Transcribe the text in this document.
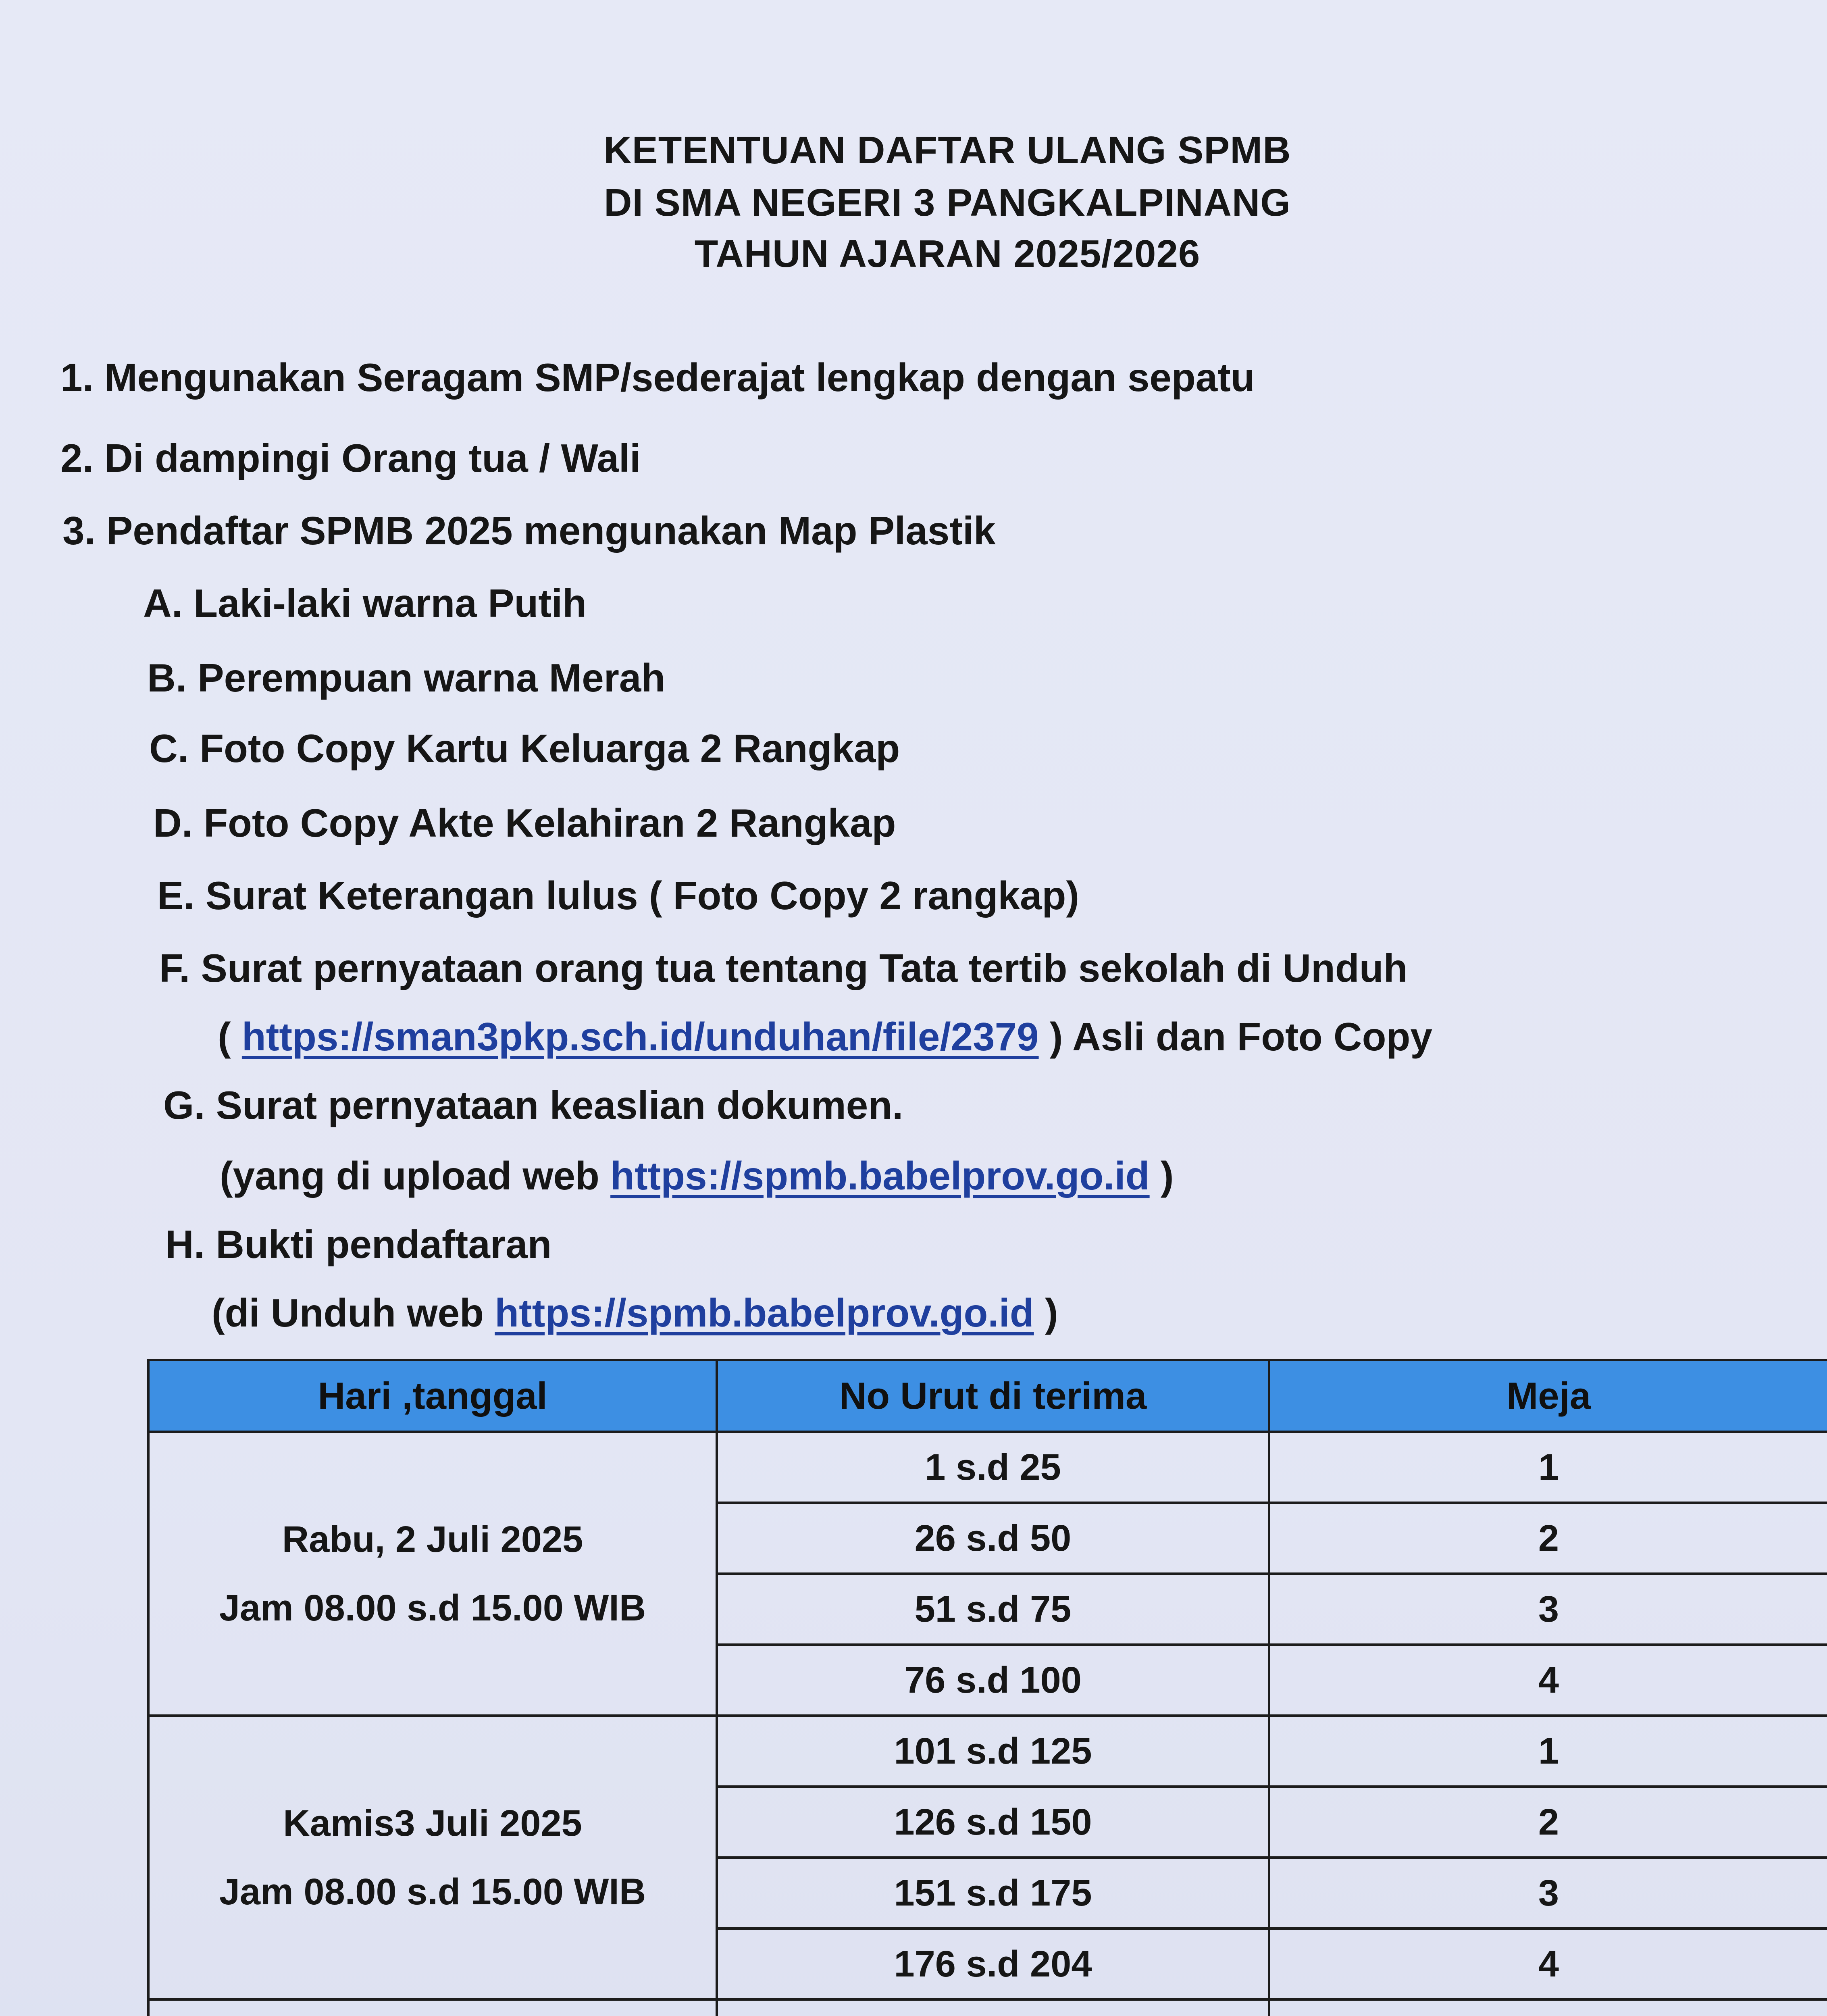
KETENTUAN DAFTAR ULANG SPMB
DI SMA NEGERI 3 PANGKALPINANG
TAHUN AJARAN 2025/2026
1. Mengunakan Seragam SMP/sederajat lengkap dengan sepatu
2. Di dampingi Orang tua / Wali
3. Pendaftar SPMB 2025 mengunakan Map Plastik
A. Laki-laki warna Putih
B. Perempuan warna Merah
C. Foto Copy Kartu Keluarga 2 Rangkap
D. Foto Copy Akte Kelahiran 2 Rangkap
E. Surat Keterangan lulus ( Foto Copy 2 rangkap)
F. Surat pernyataan orang tua tentang Tata tertib sekolah di Unduh
( https://sman3pkp.sch.id/unduhan/file/2379 ) Asli dan Foto Copy
G. Surat pernyataan keaslian dokumen.
(yang di upload web https://spmb.babelprov.go.id )
H. Bukti pendaftaran
(di Unduh web https://spmb.babelprov.go.id )
Hari ,tanggal	No Urut di terima	Meja

Rabu, 2 Juli 2025
Jam 08.00 s.d 15.00 WIB	1 s.d 25	1
	26 s.d 50	2
	51 s.d 75	3
	76 s.d 100	4

Kamis3 Juli 2025
Jam 08.00 s.d 15.00 WIB	101 s.d 125	1
	126 s.d 150	2
	151 s.d 175	3
	176 s.d 204	4
